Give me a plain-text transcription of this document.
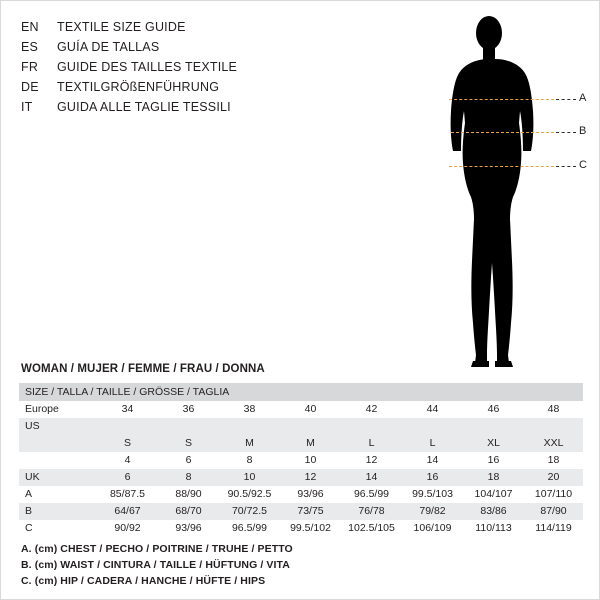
EN	TEXTILE SIZE GUIDE
ES	GUÍA DE TALLAS
FR	GUIDE DES TAILLES TEXTILE
DE	TEXTILGRÖßENFÜHRUNG
IT	GUIDA ALLE TAGLIE TESSILI
A
B
C
WOMAN / MUJER / FEMME / FRAU / DONNA
SIZE / TALLA / TAILLE / GRÖSSE / TAGLIA								
Europe	34	36	38	40	42	44	46	48
US								
	S	S	M	M	L	L	XL	XXL
	4	6	8	10	12	14	16	18
UK	6	8	10	12	14	16	18	20
A	85/87.5	88/90	90.5/92.5	93/96	96.5/99	99.5/103	104/107	107/110
B	64/67	68/70	70/72.5	73/75	76/78	79/82	83/86	87/90
C	90/92	93/96	96.5/99	99.5/102	102.5/105	106/109	110/113	114/119
A. (cm) CHEST / PECHO / POITRINE / TRUHE / PETTO
B. (cm) WAIST / CINTURA / TAILLE / HÜFTUNG / VITA
C. (cm) HIP / CADERA / HANCHE / HÜFTE / HIPS
